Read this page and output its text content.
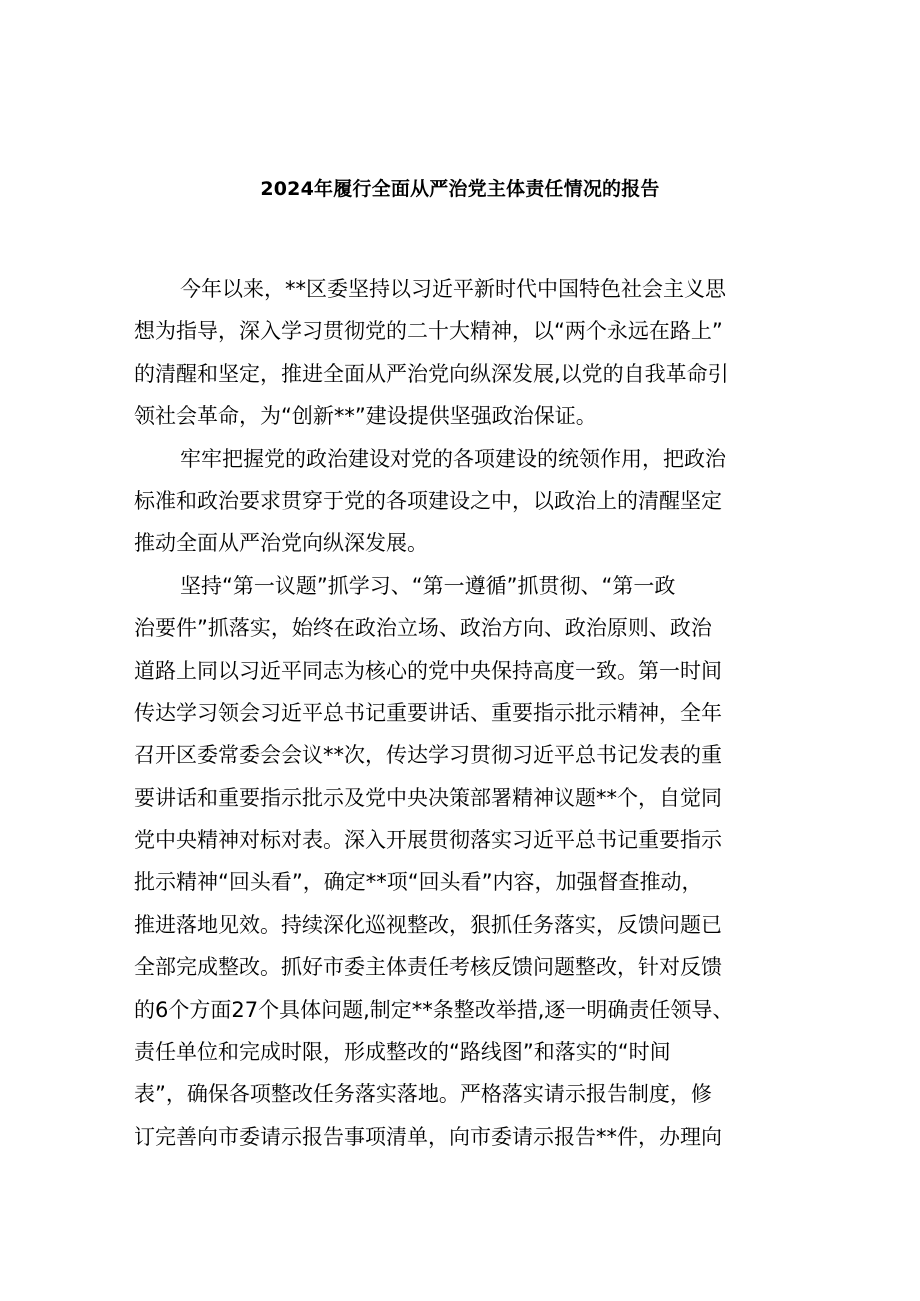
2024年履行全面从严治党主体责任情况的报告
今年以来，**区委坚持以习近平新时代中国特色社会主义思
想为指导，深入学习贯彻党的二十大精神，以“两个永远在路上”
的清醒和坚定，推进全面从严治党向纵深发展,以党的自我革命引
领社会革命，为“创新**”建设提供坚强政治保证。
牢牢把握党的政治建设对党的各项建设的统领作用，把政治
标准和政治要求贯穿于党的各项建设之中，以政治上的清醒坚定
推动全面从严治党向纵深发展。
坚持“第一议题”抓学习、“第一遵循”抓贯彻、“第一政
治要件”抓落实，始终在政治立场、政治方向、政治原则、政治
道路上同以习近平同志为核心的党中央保持高度一致。第一时间
传达学习领会习近平总书记重要讲话、重要指示批示精神，全年
召开区委常委会会议**次，传达学习贯彻习近平总书记发表的重
要讲话和重要指示批示及党中央决策部署精神议题**个，自觉同
党中央精神对标对表。深入开展贯彻落实习近平总书记重要指示
批示精神“回头看”，确定**项“回头看”内容，加强督查推动，
推进落地见效。持续深化巡视整改，狠抓任务落实，反馈问题已
全部完成整改。抓好市委主体责任考核反馈问题整改，针对反馈
的6个方面27个具体问题,制定**条整改举措,逐一明确责任领导、
责任单位和完成时限，形成整改的“路线图”和落实的“时间
表”，确保各项整改任务落实落地。严格落实请示报告制度，修
订完善向市委请示报告事项清单，向市委请示报告**件，办理向
